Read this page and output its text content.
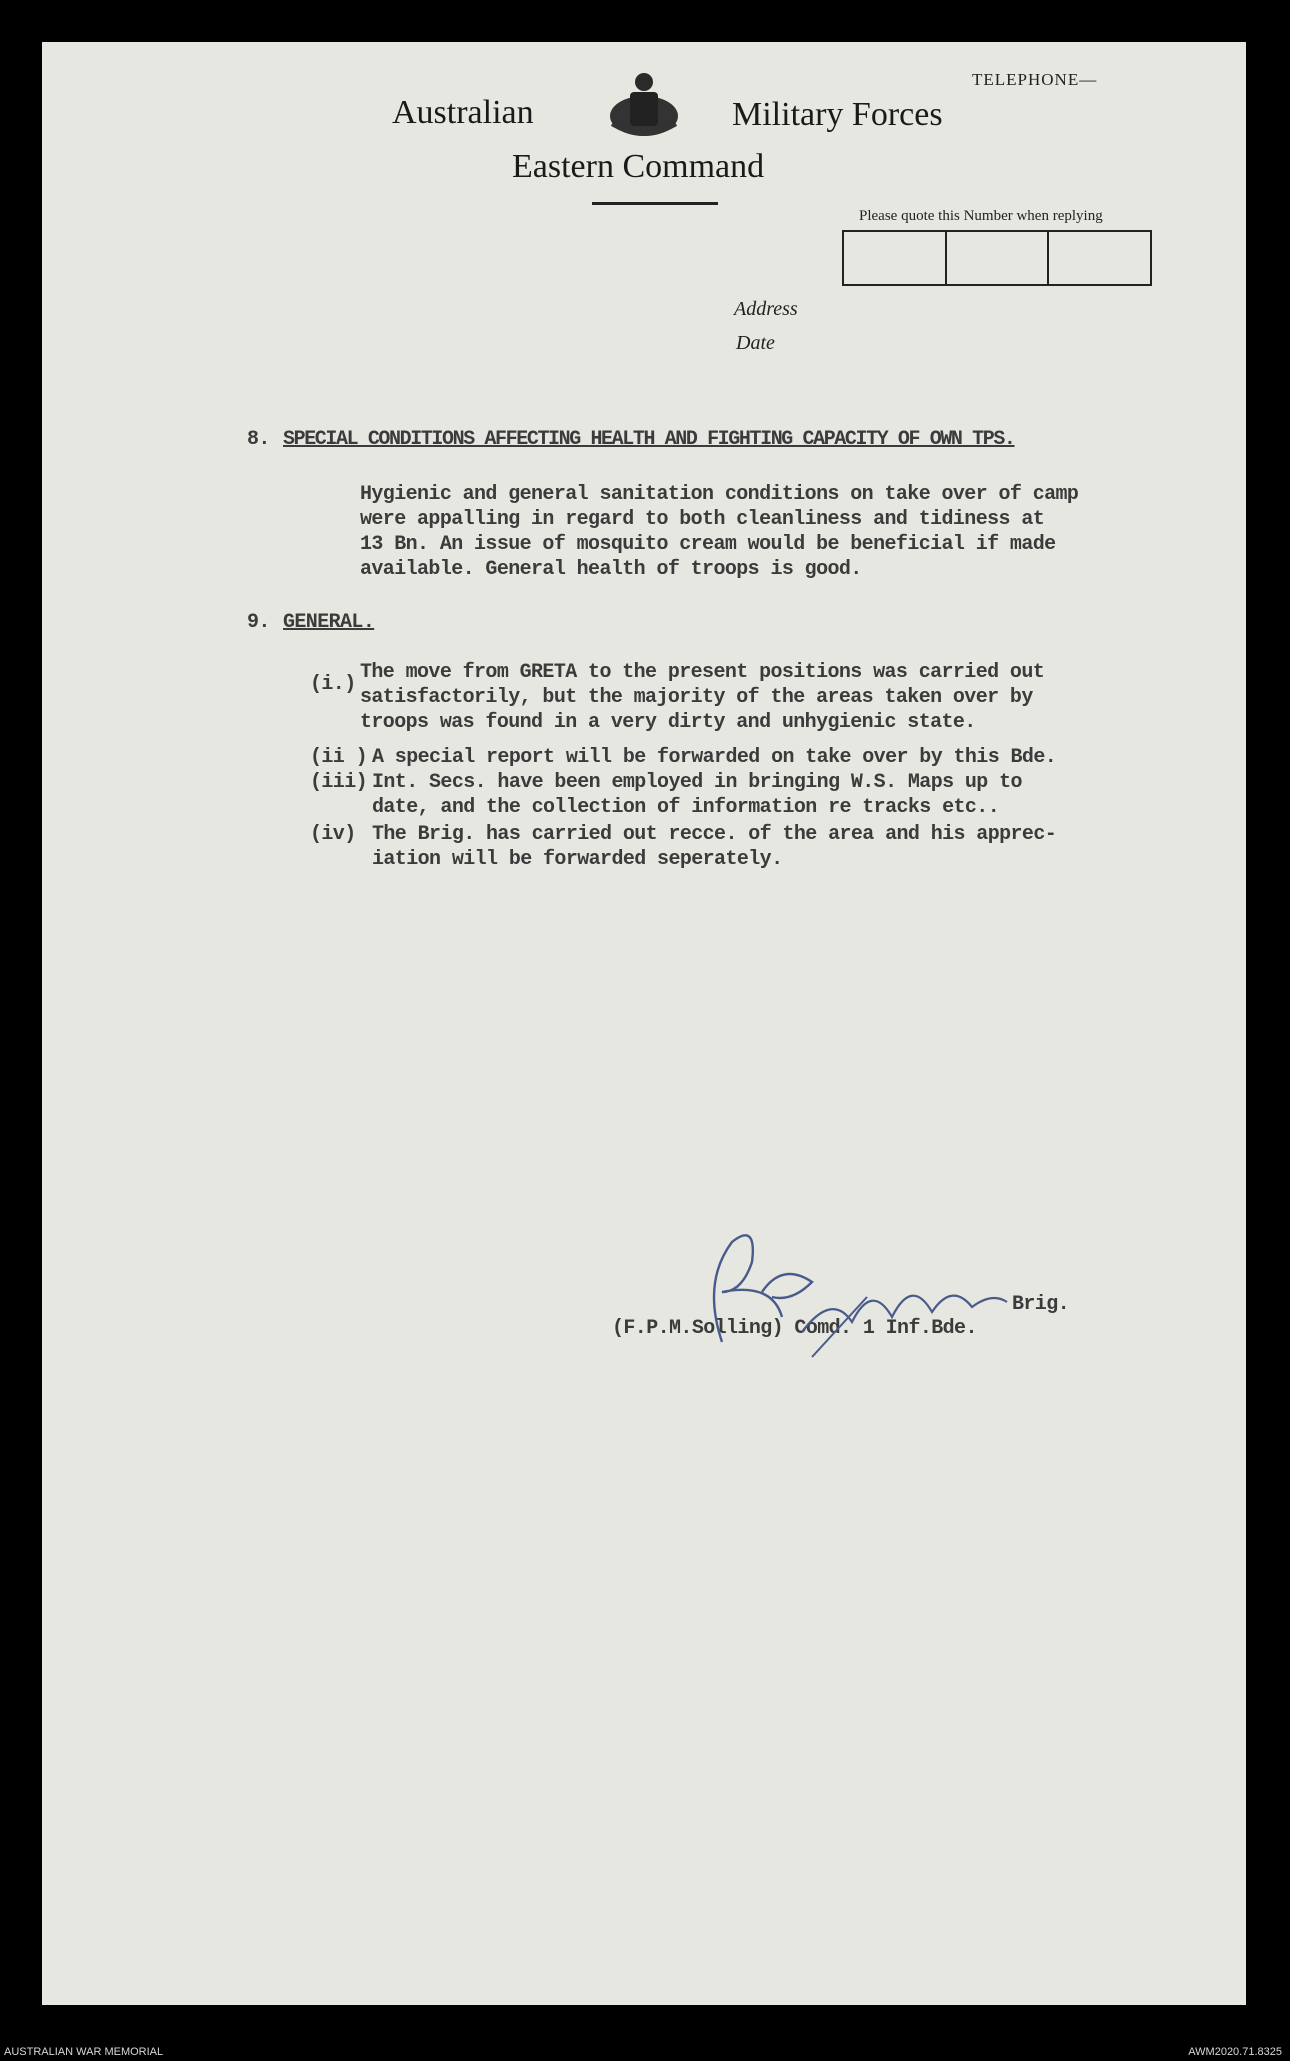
Australian	Military Forces
Eastern Command
TELEPHONE—
Please quote this Number when replying
Address
Date
8. SPECIAL CONDITIONS AFFECTING HEALTH AND FIGHTING CAPACITY OF OWN TPS.
Hygienic and general sanitation conditions on take over of camp
were appalling in regard to both cleanliness and tidiness at
13 Bn. An issue of mosquito cream would be beneficial if made
available. General health of troops is good.
9. GENERAL.
(i.)
The move from GRETA to the present positions was carried out
satisfactorily, but the majority of the areas taken over by
troops was found in a very dirty and unhygienic state.
(ii ) A special report will be forwarded on take over by this Bde.
(iii) Int. Secs. have been employed in bringing W.S. Maps up to
date, and the collection of information re tracks etc..
(iv) The Brig. has carried out recce. of the area and his apprec-
iation will be forwarded seperately.
Brig.
(F.P.M.Solling) Comd. 1 Inf.Bde.
AUSTRALIAN WAR MEMORIAL	AWM2020.71.8325
